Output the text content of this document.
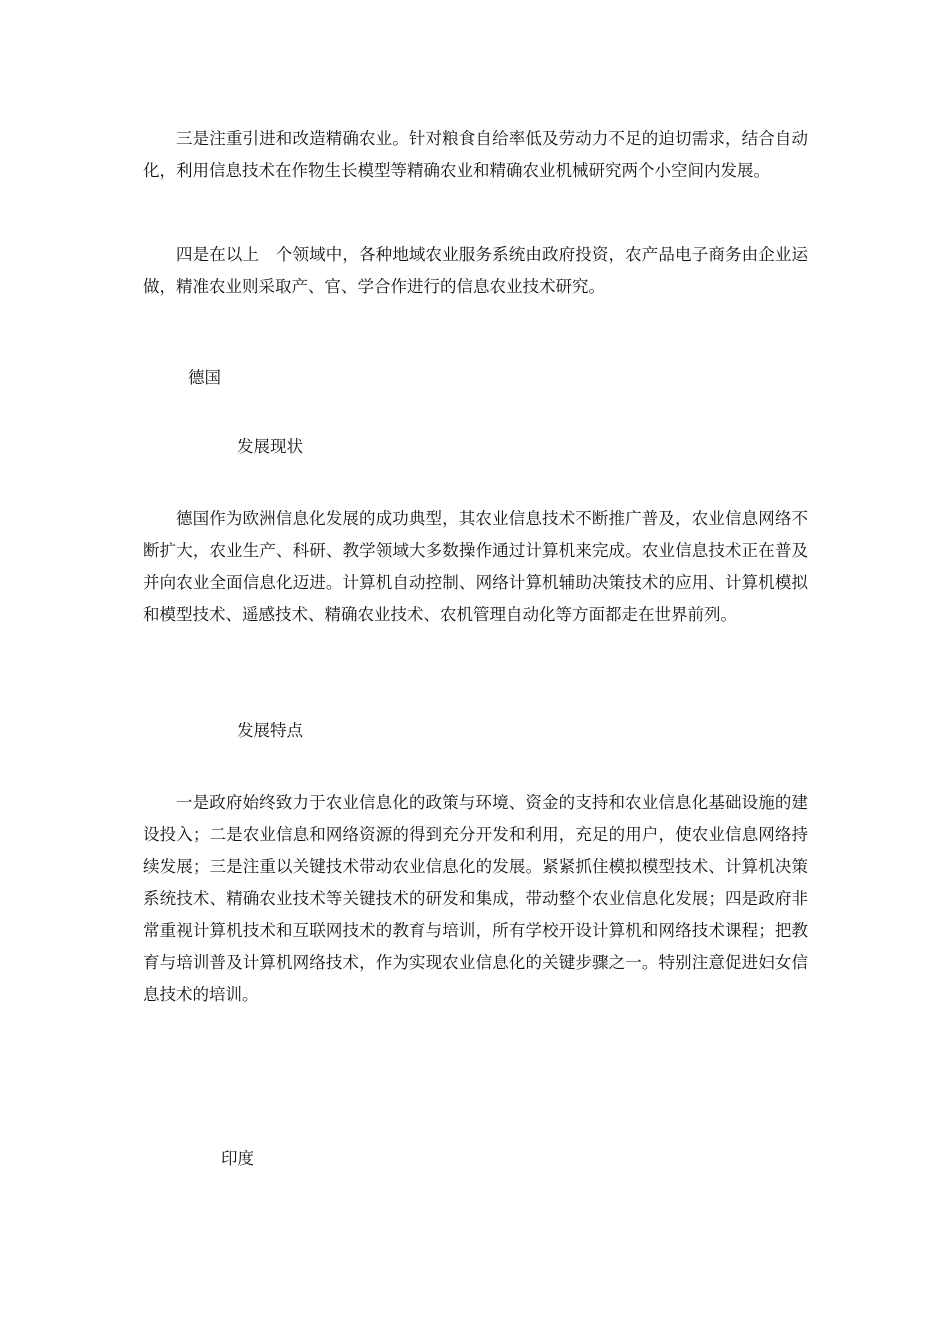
三是注重引进和改造精确农业。针对粮食自给率低及劳动力不足的迫切需求，结合自动化，利用信息技术在作物生长模型等精确农业和精确农业机械研究两个小空间内发展。

四是在以上　个领域中，各种地域农业服务系统由政府投资，农产品电子商务由企业运做，精准农业则采取产、官、学合作进行的信息农业技术研究。

德国
发展现状

德国作为欧洲信息化发展的成功典型，其农业信息技术不断推广普及，农业信息网络不断扩大，农业生产、科研、教学领域大多数操作通过计算机来完成。农业信息技术正在普及并向农业全面信息化迈进。计算机自动控制、网络计算机辅助决策技术的应用、计算机模拟和模型技术、遥感技术、精确农业技术、农机管理自动化等方面都走在世界前列。

发展特点

一是政府始终致力于农业信息化的政策与环境、资金的支持和农业信息化基础设施的建设投入；二是农业信息和网络资源的得到充分开发和利用，充足的用户，使农业信息网络持续发展；三是注重以关键技术带动农业信息化的发展。紧紧抓住模拟模型技术、计算机决策系统技术、精确农业技术等关键技术的研发和集成，带动整个农业信息化发展；四是政府非常重视计算机技术和互联网技术的教育与培训，所有学校开设计算机和网络技术课程；把教育与培训普及计算机网络技术，作为实现农业信息化的关键步骤之一。特别注意促进妇女信息技术的培训。

印度
